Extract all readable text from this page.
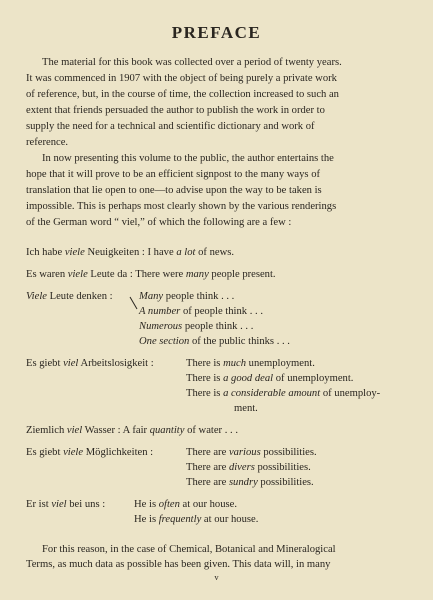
PREFACE
The material for this book was collected over a period of twenty years.
It was commenced in 1907 with the object of being purely a private work
of reference, but, in the course of time, the collection increased to such an
extent that friends persuaded the author to publish the work in order to
supply the need for a technical and scientific dictionary and work of
reference.
In now presenting this volume to the public, the author entertains the
hope that it will prove to be an efficient signpost to the many ways of
translation that lie open to one—to advise upon the way to be taken is
impossible. This is perhaps most clearly shown by the various renderings
of the German word “ viel,” of which the following are a few :
Ich habe viele Neuigkeiten : I have a lot of news.
Es waren viele Leute da : There were many people present.
Viele Leute denken : Many people think . . .
A number of people think . . .
Numerous people think . . .
One section of the public thinks . . .
Es giebt viel Arbeitslosigkeit :	There is much unemployment.
There is a good deal of unemployment.
There is a considerable amount of unemploy-
ment.
Ziemlich viel Wasser : A fair quantity of water . . .
Es giebt viele Möglichkeiten :	There are various possibilities.
There are divers possibilities.
There are sundry possibilities.
Er ist viel bei uns :	He is often at our house.
He is frequently at our house.
For this reason, in the case of Chemical, Botanical and Mineralogical
Terms, as much data as possible has been given. This data will, in many
v
